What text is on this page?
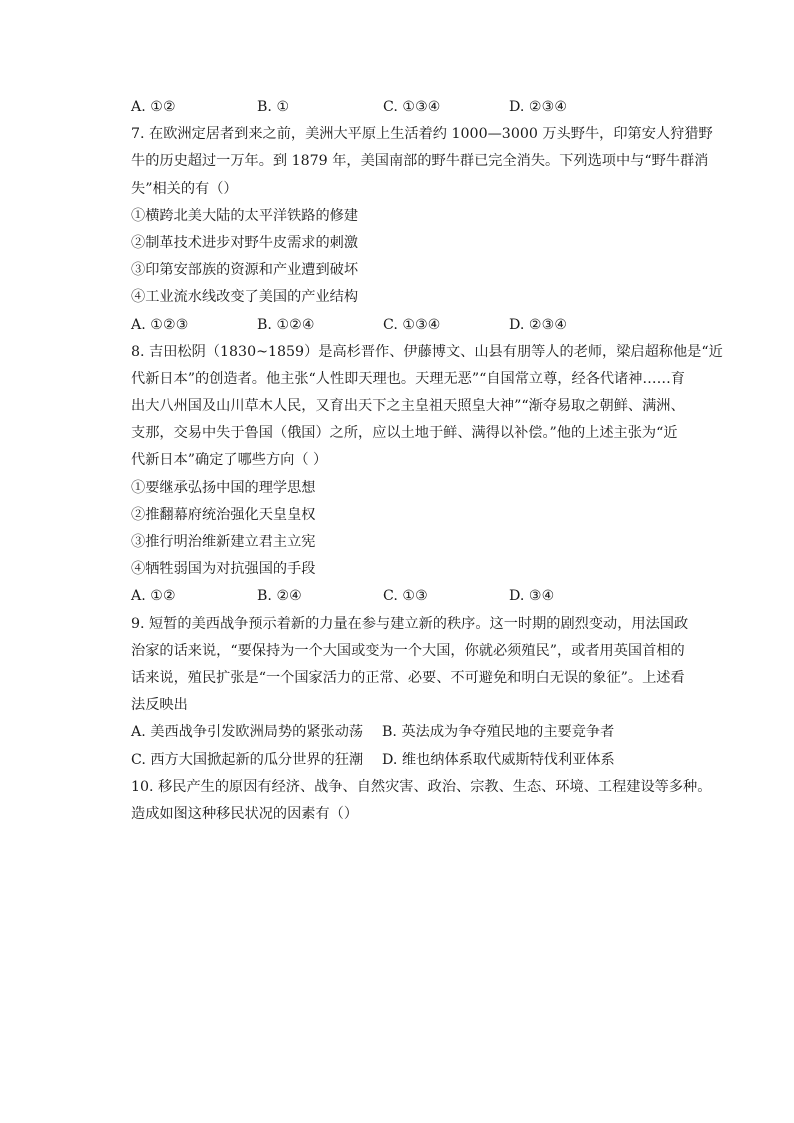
A. ①②	B. ①	C. ①③④	D. ②③④
7. 在欧洲定居者到来之前，美洲大平原上生活着约 1000—3000 万头野牛，印第安人狩猎野
牛的历史超过一万年。到 1879 年，美国南部的野牛群已完全消失。下列选项中与“野牛群消
失”相关的有（）
①横跨北美大陆的太平洋铁路的修建
②制革技术进步对野牛皮需求的刺激
③印第安部族的资源和产业遭到破坏
④工业流水线改变了美国的产业结构
A. ①②③	B. ①②④	C. ①③④	D. ②③④
8. 吉田松阴（1830~1859）是高杉晋作、伊藤博文、山县有朋等人的老师，梁启超称他是“近
代新日本”的创造者。他主张“人性即天理也。天理无恶”“自国常立尊，经各代诸神……育
出大八州国及山川草木人民，又育出天下之主皇祖天照皇大神”“渐夺易取之朝鲜、满洲、
支那，交易中失于鲁国（俄国）之所，应以土地于鲜、满得以补偿。”他的上述主张为“近
代新日本”确定了哪些方向（ ）
①要继承弘扬中国的理学思想
②推翻幕府统治强化天皇皇权
③推行明治维新建立君主立宪
④牺牲弱国为对抗强国的手段
A. ①②	B. ②④	C. ①③	D. ③④
9. 短暂的美西战争预示着新的力量在参与建立新的秩序。这一时期的剧烈变动，用法国政
治家的话来说，“要保持为一个大国或变为一个大国，你就必须殖民”，或者用英国首相的
话来说，殖民扩张是“一个国家活力的正常、必要、不可避免和明白无误的象征”。上述看
法反映出
A. 美西战争引发欧洲局势的紧张动荡	B. 英法成为争夺殖民地的主要竞争者
C. 西方大国掀起新的瓜分世界的狂潮	D. 维也纳体系取代威斯特伐利亚体系
10. 移民产生的原因有经济、战争、自然灾害、政治、宗教、生态、环境、工程建设等多种。
造成如图这种移民状况的因素有（）
